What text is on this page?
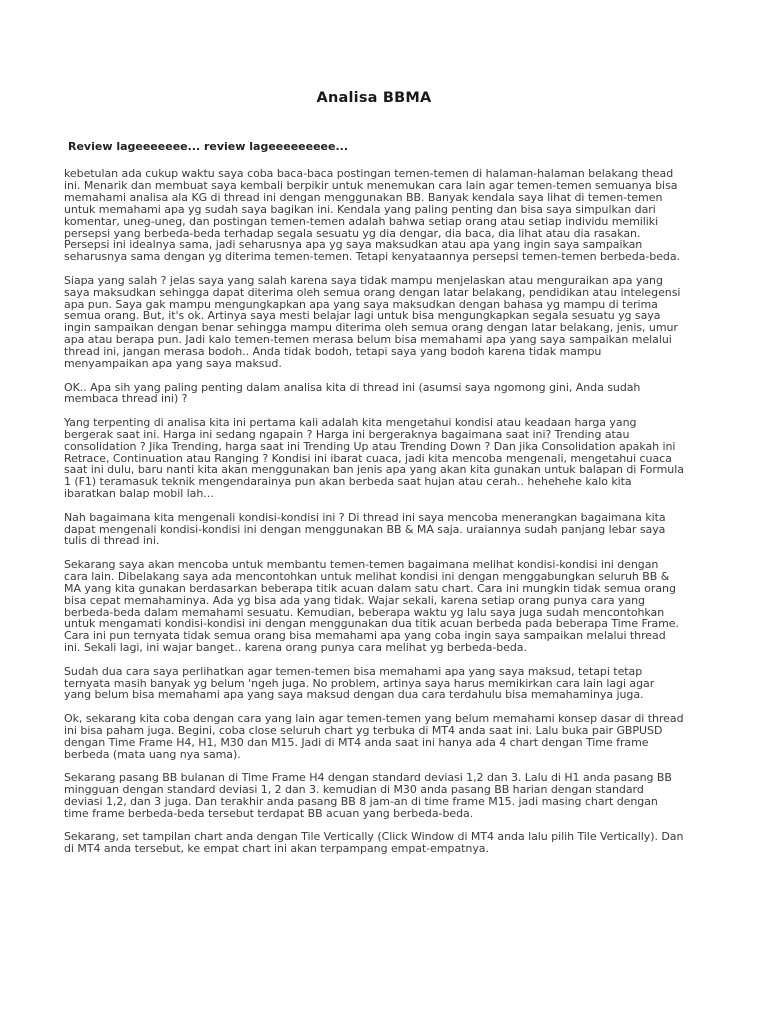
Analisa BBMA
Review lageeeeeee... review lageeeeeeeee...

kebetulan ada cukup waktu saya coba baca-baca postingan temen-temen di halaman-halaman belakang thead ini. Menarik dan membuat saya kembali berpikir untuk menemukan cara lain agar temen-temen semuanya bisa memahami analisa ala KG di thread ini dengan menggunakan BB. Banyak kendala saya lihat di temen-temen untuk memahami apa yg sudah saya bagikan ini. Kendala yang paling penting dan bisa saya simpulkan dari komentar, uneg-uneg, dan postingan temen-temen adalah bahwa setiap orang atau setiap individu memiliki persepsi yang berbeda-beda terhadap segala sesuatu yg dia dengar, dia baca, dia lihat atau dia rasakan. Persepsi ini idealnya sama, jadi seharusnya apa yg saya maksudkan atau apa yang ingin saya sampaikan seharusnya sama dengan yg diterima temen-temen. Tetapi kenyataannya persepsi temen-temen berbeda-beda.

Siapa yang salah ? jelas saya yang salah karena saya tidak mampu menjelaskan atau menguraikan apa yang saya maksudkan sehingga dapat diterima oleh semua orang dengan latar belakang, pendidikan atau intelegensi apa pun. Saya gak mampu mengungkapkan apa yang saya maksudkan dengan bahasa yg mampu di terima semua orang. But, it's ok. Artinya saya mesti belajar lagi untuk bisa mengungkapkan segala sesuatu yg saya ingin sampaikan dengan benar sehingga mampu diterima oleh semua orang dengan latar belakang, jenis, umur apa atau berapa pun. Jadi kalo temen-temen merasa belum bisa memahami apa yang saya sampaikan melalui thread ini, jangan merasa bodoh.. Anda tidak bodoh, tetapi saya yang bodoh karena tidak mampu menyampaikan apa yang saya maksud.

OK.. Apa sih yang paling penting dalam analisa kita di thread ini (asumsi saya ngomong gini, Anda sudah membaca thread ini) ?

Yang terpenting di analisa kita ini pertama kali adalah kita mengetahui kondisi atau keadaan harga yang bergerak saat ini. Harga ini sedang ngapain ? Harga ini bergeraknya bagaimana saat ini? Trending atau consolidation ? Jika Trending, harga saat ini Trending Up atau Trending Down ? Dan jika Consolidation apakah ini Retrace, Continuation atau Ranging ? Kondisi ini ibarat cuaca, jadi kita mencoba mengenali, mengetahui cuaca saat ini dulu, baru nanti kita akan menggunakan ban jenis apa yang akan kita gunakan untuk balapan di Formula 1 (F1) teramasuk teknik mengendarainya pun akan berbeda saat hujan atau cerah.. hehehehe kalo kita ibaratkan balap mobil lah...

Nah bagaimana kita mengenali kondisi-kondisi ini ? Di thread ini saya mencoba menerangkan bagaimana kita dapat mengenali kondisi-kondisi ini dengan menggunakan BB & MA saja. uraiannya sudah panjang lebar saya tulis di thread ini.

Sekarang saya akan mencoba untuk membantu temen-temen bagaimana melihat kondisi-kondisi ini dengan cara lain. Dibelakang saya ada mencontohkan untuk melihat kondisi ini dengan menggabungkan seluruh BB & MA yang kita gunakan berdasarkan beberapa titik acuan dalam satu chart. Cara ini mungkin tidak semua orang bisa cepat memahaminya. Ada yg bisa ada yang tidak. Wajar sekali, karena setiap orang punya cara yang berbeda-beda dalam memahami sesuatu. Kemudian, beberapa waktu yg lalu saya juga sudah mencontohkan untuk mengamati kondisi-kondisi ini dengan menggunakan dua titik acuan berbeda pada beberapa Time Frame. Cara ini pun ternyata tidak semua orang bisa memahami apa yang coba ingin saya sampaikan melalui thread ini. Sekali lagi, ini wajar banget.. karena orang punya cara melihat yg berbeda-beda.

Sudah dua cara saya perlihatkan agar temen-temen bisa memahami apa yang saya maksud, tetapi tetap ternyata masih banyak yg belum 'ngeh juga. No problem, artinya saya harus memikirkan cara lain lagi agar yang belum bisa memahami apa yang saya maksud dengan dua cara terdahulu bisa memahaminya juga.

Ok, sekarang kita coba dengan cara yang lain agar temen-temen yang belum memahami konsep dasar di thread ini bisa paham juga. Begini, coba close seluruh chart yg terbuka di MT4 anda saat ini. Lalu buka pair GBPUSD dengan Time Frame H4, H1, M30 dan M15. Jadi di MT4 anda saat ini hanya ada 4 chart dengan Time frame berbeda (mata uang nya sama).

Sekarang pasang BB bulanan di Time Frame H4 dengan standard deviasi 1,2 dan 3. Lalu di H1 anda pasang BB mingguan dengan standard deviasi 1, 2 dan 3. kemudian di M30 anda pasang BB harian dengan standard deviasi 1,2, dan 3 juga. Dan terakhir anda pasang BB 8 jam-an di time frame M15. jadi masing chart dengan time frame berbeda-beda tersebut terdapat BB acuan yang berbeda-beda.

Sekarang, set tampilan chart anda dengan Tile Vertically (Click Window di MT4 anda lalu pilih Tile Vertically). Dan di MT4 anda tersebut, ke empat chart ini akan terpampang empat-empatnya.
